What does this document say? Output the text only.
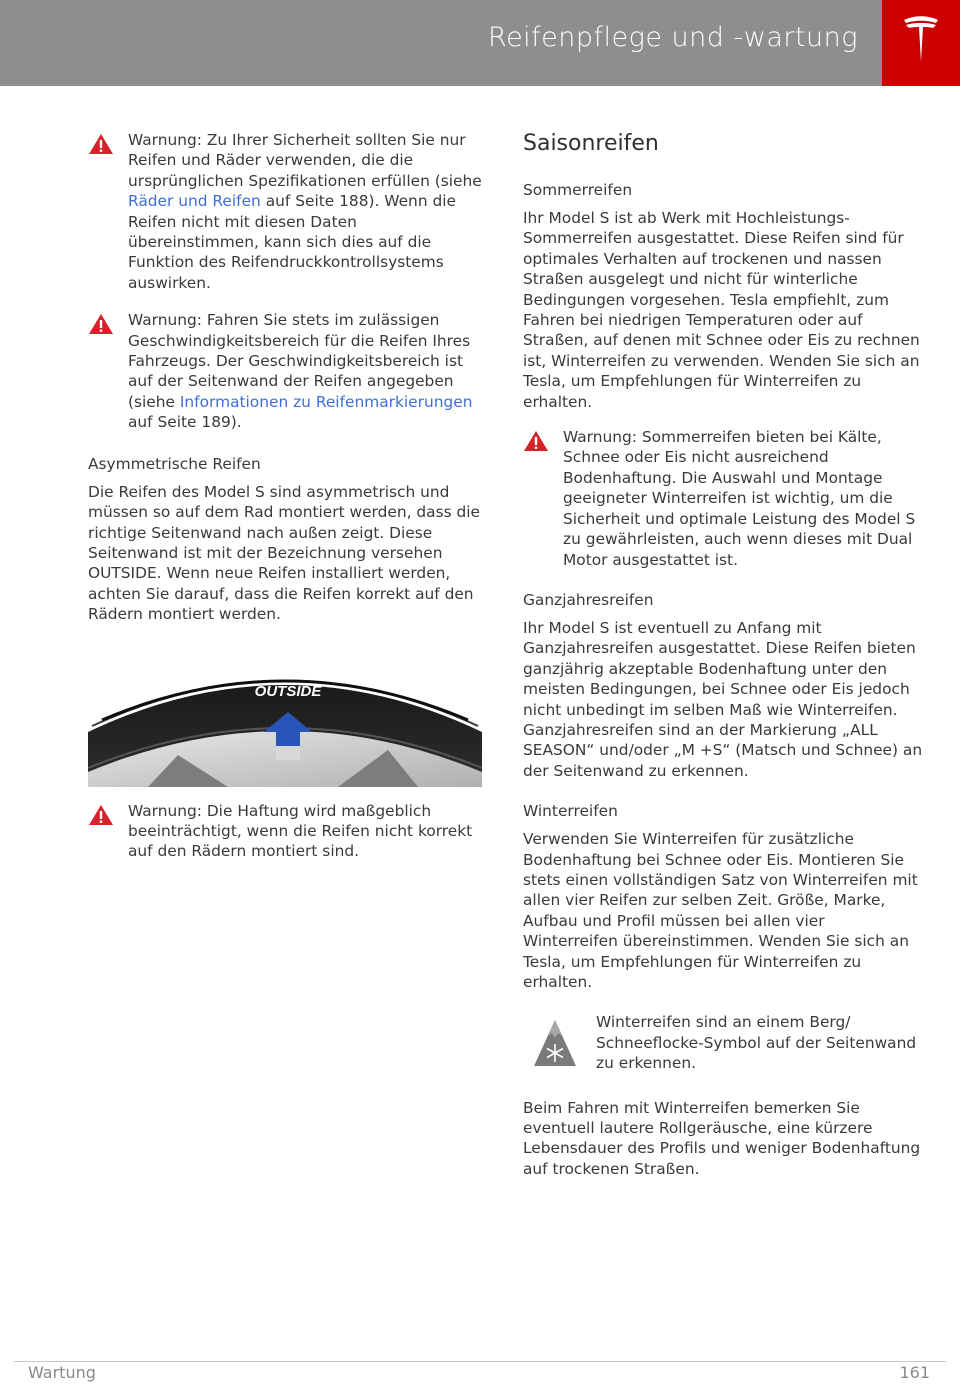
Reifenpflege und -wartung
Warnung: Zu Ihrer Sicherheit sollten Sie nur Reifen und Räder verwenden, die die ursprünglichen Spezifikationen erfüllen (siehe Räder und Reifen auf Seite 188). Wenn die Reifen nicht mit diesen Daten übereinstimmen, kann sich dies auf die Funktion des Reifendruckkontrollsystems auswirken.
Warnung: Fahren Sie stets im zulässigen Geschwindigkeitsbereich für die Reifen Ihres Fahrzeugs. Der Geschwindigkeitsbereich ist auf der Seitenwand der Reifen angegeben (siehe Informationen zu Reifenmarkierungen auf Seite 189).
Asymmetrische Reifen

Die Reifen des Model S sind asymmetrisch und müssen so auf dem Rad montiert werden, dass die richtige Seitenwand nach außen zeigt. Diese Seitenwand ist mit der Bezeichnung versehen OUTSIDE. Wenn neue Reifen installiert werden, achten Sie darauf, dass die Reifen korrekt auf den Rädern montiert werden.

OUTSIDE
Warnung: Die Haftung wird maßgeblich beeinträchtigt, wenn die Reifen nicht korrekt auf den Rädern montiert sind.
Saisonreifen
Sommerreifen

Ihr Model S ist ab Werk mit Hochleistungs-Sommerreifen ausgestattet. Diese Reifen sind für optimales Verhalten auf trockenen und nassen Straßen ausgelegt und nicht für winterliche Bedingungen vorgesehen. Tesla empfiehlt, zum Fahren bei niedrigen Temperaturen oder auf Straßen, auf denen mit Schnee oder Eis zu rechnen ist, Winterreifen zu verwenden. Wenden Sie sich an Tesla, um Empfehlungen für Winterreifen zu erhalten.

Warnung: Sommerreifen bieten bei Kälte, Schnee oder Eis nicht ausreichend Bodenhaftung. Die Auswahl und Montage geeigneter Winterreifen ist wichtig, um die Sicherheit und optimale Leistung des Model S zu gewährleisten, auch wenn dieses mit Dual Motor ausgestattet ist.
Ganzjahresreifen

Ihr Model S ist eventuell zu Anfang mit Ganzjahresreifen ausgestattet. Diese Reifen bieten ganzjährig akzeptable Bodenhaftung unter den meisten Bedingungen, bei Schnee oder Eis jedoch nicht unbedingt im selben Maß wie Winterreifen. Ganzjahresreifen sind an der Markierung „ALL SEASON“ und/oder „M +S“ (Matsch und Schnee) an der Seitenwand zu erkennen.

Winterreifen

Verwenden Sie Winterreifen für zusätzliche Bodenhaftung bei Schnee oder Eis. Montieren Sie stets einen vollständigen Satz von Winterreifen mit allen vier Reifen zur selben Zeit. Größe, Marke, Aufbau und Profil müssen bei allen vier Winterreifen übereinstimmen. Wenden Sie sich an Tesla, um Empfehlungen für Winterreifen zu erhalten.

Winterreifen sind an einem Berg/ Schneeflocke-Symbol auf der Seitenwand zu erkennen.

Beim Fahren mit Winterreifen bemerken Sie eventuell lautere Rollgeräusche, eine kürzere Lebensdauer des Profils und weniger Bodenhaftung auf trockenen Straßen.

Wartung	161
